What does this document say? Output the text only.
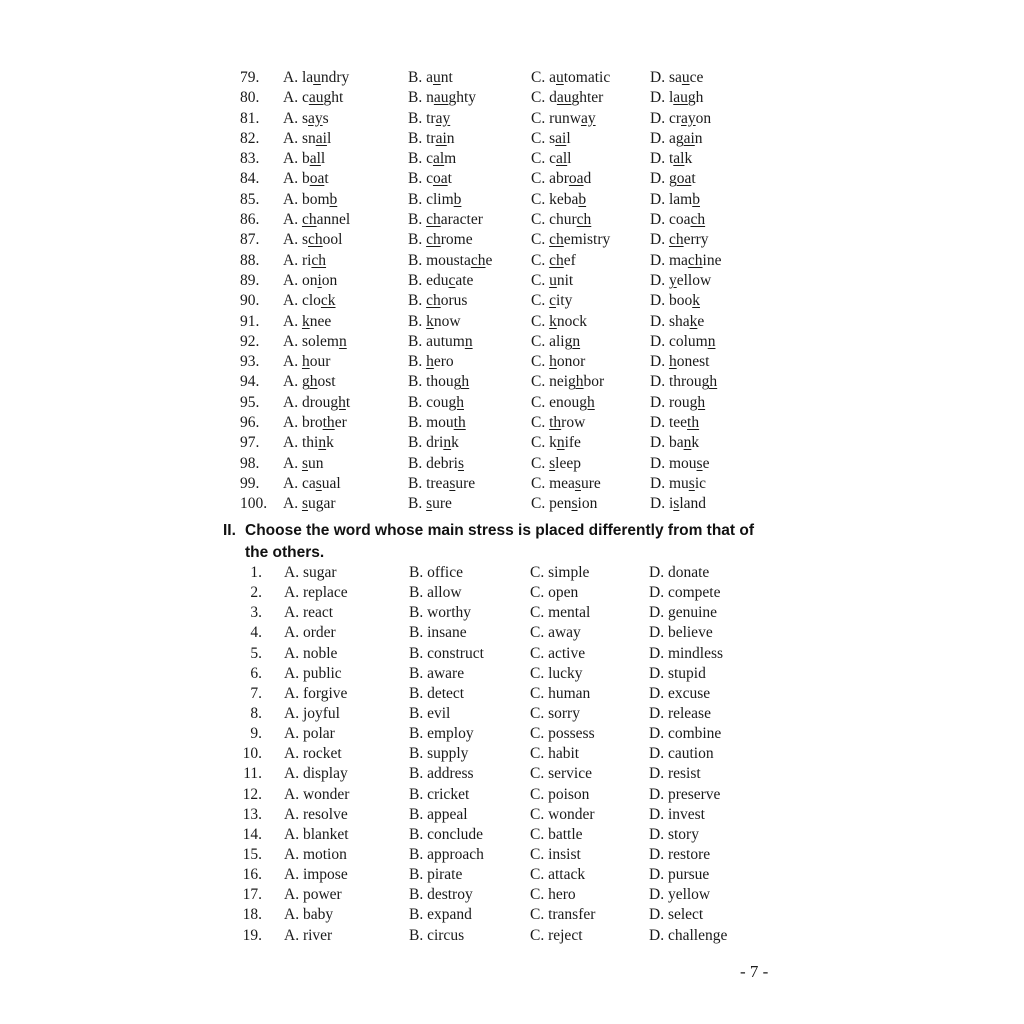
79.	A. laundry	B. aunt	C. automatic	D. sauce
80.	A. caught	B. naughty	C. daughter	D. laugh
81.	A. says	B. tray	C. runway	D. crayon
82.	A. snail	B. train	C. sail	D. again
83.	A. ball	B. calm	C. call	D. talk
84.	A. boat	B. coat	C. abroad	D. goat
85.	A. bomb	B. climb	C. kebab	D. lamb
86.	A. channel	B. character	C. church	D. coach
87.	A. school	B. chrome	C. chemistry	D. cherry
88.	A. rich	B. moustache C. chef	D. machine
89.	A. onion	B. educate	C. unit	D. yellow
90.	A. clock	B. chorus	C. city	D. book
91.	A. knee	B. know	C. knock	D. shake
92.	A. solemn	B. autumn	C. align	D. column
93.	A. hour	B. hero	C. honor	D. honest
94.	A. ghost	B. though	C. neighbor	D. through
95.	A. drought	B. cough	C. enough	D. rough
96.	A. brother	B. mouth	C. throw	D. teeth
97.	A. think	B. drink	C. knife	D. bank
98.	A. sun	B. debris	C. sleep	D. mouse
99.	A. casual	B. treasure	C. measure	D. music
100.	A. sugar	B. sure	C. pension	D. island
II. Choose the word whose main stress is placed differently from that of
the others.
1. A. sugar	B. office	C. simple	D. donate
2. A. replace	B. allow	C. open	D. compete
3. A. react	B. worthy	C. mental	D. genuine
4. A. order	B. insane	C. away	D. believe
5. A. noble	B. construct	C. active	D. mindless
6. A. public	B. aware	C. lucky	D. stupid
7. A. forgive	B. detect	C. human	D. excuse
8. A. joyful	B. evil	C. sorry	D. release
9. A. polar	B. employ	C. possess	D. combine
10. A. rocket	B. supply	C. habit	D. caution
11. A. display	B. address	C. service	D. resist
12. A. wonder	B. cricket	C. poison	D. preserve
13. A. resolve	B. appeal	C. wonder	D. invest
14. A. blanket	B. conclude	C. battle	D. story
15. A. motion	B. approach	C. insist	D. restore
16. A. impose	B. pirate	C. attack	D. pursue
17. A. power	B. destroy	C. hero	D. yellow
18. A. baby	B. expand	C. transfer	D. select
19. A. river	B. circus	C. reject	D. challenge
- 7 -
